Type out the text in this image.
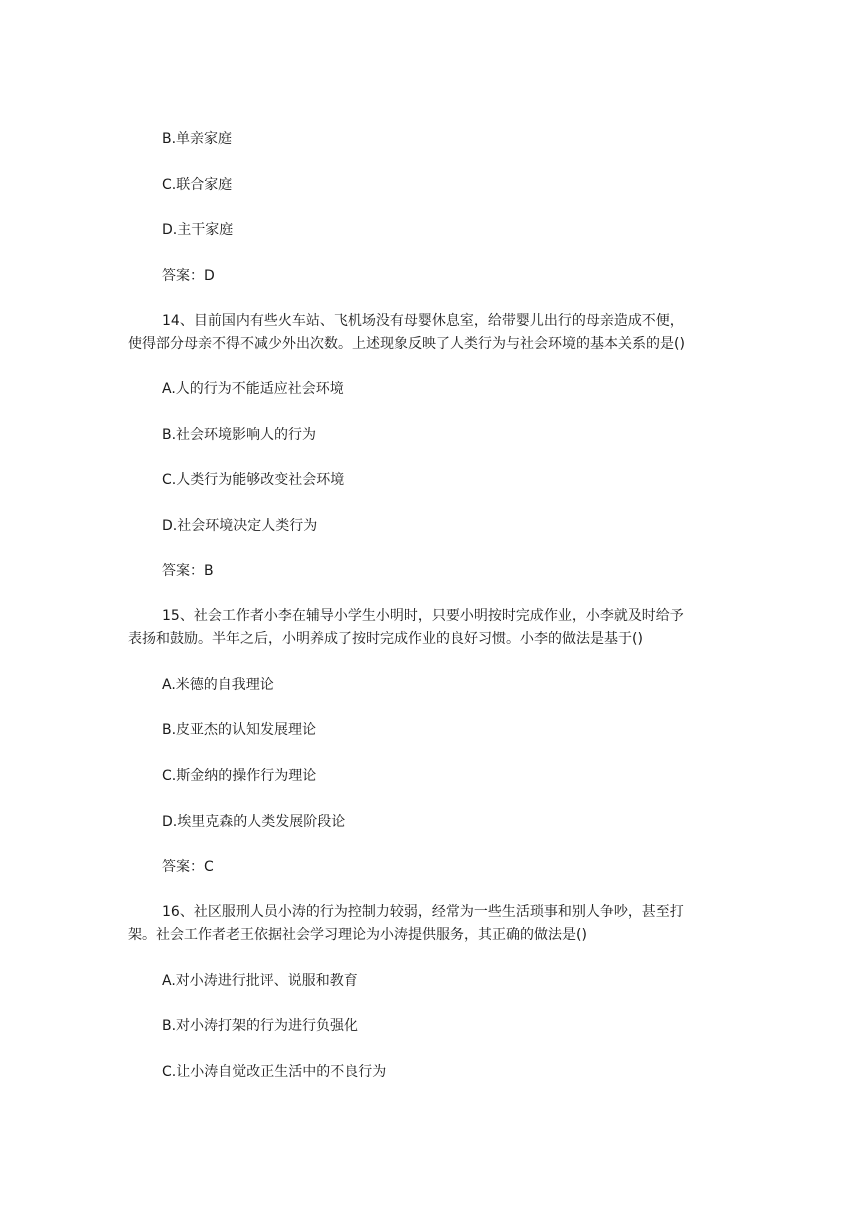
B.单亲家庭
C.联合家庭
D.主干家庭
答案：D
14、目前国内有些火车站、飞机场没有母婴休息室，给带婴儿出行的母亲造成不便，
使得部分母亲不得不减少外出次数。上述现象反映了人类行为与社会环境的基本关系的是()
A.人的行为不能适应社会环境
B.社会环境影响人的行为
C.人类行为能够改变社会环境
D.社会环境决定人类行为
答案：B
15、社会工作者小李在辅导小学生小明时，只要小明按时完成作业，小李就及时给予
表扬和鼓励。半年之后，小明养成了按时完成作业的良好习惯。小李的做法是基于()
A.米德的自我理论
B.皮亚杰的认知发展理论
C.斯金纳的操作行为理论
D.埃里克森的人类发展阶段论
答案：C
16、社区服刑人员小涛的行为控制力较弱，经常为一些生活琐事和别人争吵，甚至打
架。社会工作者老王依据社会学习理论为小涛提供服务，其正确的做法是()
A.对小涛进行批评、说服和教育
B.对小涛打架的行为进行负强化
C.让小涛自觉改正生活中的不良行为
